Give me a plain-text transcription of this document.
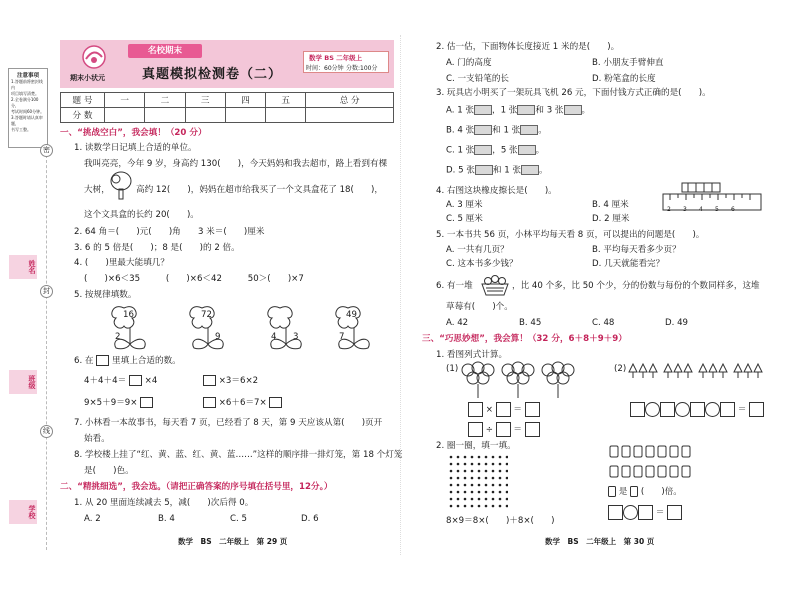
注意事项
1.答题前将密封线内
项目填写清楚。
2.全卷满分100分，
考试时间60分钟。
3.答题时请认真审题，
书写工整。
密
封
线
姓名
班级
学校
期末小状元
名校期末
真题模拟检测卷（二）
数学 BS 二年级上
时间：60分钟 分数:100分
题 号	一	二	三	四	五	总 分
分 数						
一、“挑战空白”，我会填！（20 分）
1. 读数学日记填上合适的单位。
我叫亮亮，今年 9 岁，身高约 130(　　)，今天妈妈和我去超市，路上看到有棵
大树，	高约 12(　　)，妈妈在超市给我买了一个文具盒花了 18(　　)，
这个文具盒的长约 20(　　)。
2. 64 角＝(　　)元(　　)角　　3 米＝(　　)厘米
3. 6 的 5 倍是(　　)；8 是(　　)的 2 倍。
4. (　　)里最大能填几？
(　　)×6＜35　　　(　　)×6＜42　　　50＞(　　)×7
5. 按规律填数。
16
2
72
9	4 3
49
7
6. 在 里填上合适的数。
4＋4＋4＝ ×4	×3＝6×2
9×5＋9＝9×	×6＋6＝7×
7. 小林看一本故事书，每天看 7 页，已经看了 8 天，第 9 天应该从第(　　)页开
始看。
8. 学校楼上挂了“红、黄、蓝、红、黄、蓝……”这样的顺序排一排灯笼，第 18 个灯笼
是(　　)色。
二、“精挑细选”，我会选。（请把正确答案的序号填在括号里，12分。）
1. 从 20 里面连续减去 5，减(　　)次后得 0。
A. 2	B. 4	C. 5	D. 6
数学　BS　二年级上　第 29 页
2. 估一估，下面物体长度接近 1 米的是(　　)。
A. 门的高度	B. 小朋友手臂伸直
C. 一支铅笔的长	D. 粉笔盒的长度
3. 玩具店小明买了一架玩具飞机 26 元，下面付钱方式正确的是(　　)。
A. 1 张 ，1 张 和 3 张 。
B. 4 张 和 1 张 。
C. 1 张 ，5 张 。
D. 5 张 和 1 张 。
4. 右图这块橡皮擦长是(　　)。
A. 3 厘米	B. 4 厘米
C. 5 厘米	D. 2 厘米
2 3 4 5 6
5. 一本书共 56 页，小林平均每天看 8 页，可以提出的问题是(　　)。
A. 一共有几页？	B. 平均每天看多少页？
C. 这本书多少钱？	D. 几天就能看完？
6. 有一堆	，比 40 个多，比 50 个少，分的份数与每份的个数同样多，这堆
草莓有(　　)个。
A. 42	B. 45	C. 48	D. 49
三、“巧思妙想”，我会算！（32 分，6＋8＋9＋9）
1. 看图列式计算。
(1)
×  ＝
÷  ＝
(2)
＝
2. 圈一圈，填一填。
8×9＝8×(　　)＋8×(　　)
是 (　　)倍。
＝
数学　BS　二年级上　第 30 页
